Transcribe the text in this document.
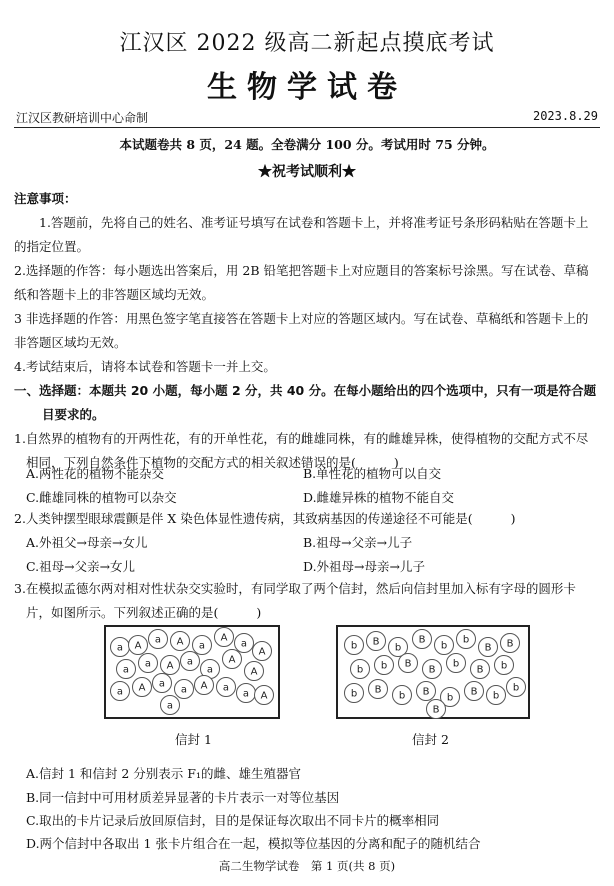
江汉区 2022 级高二新起点摸底考试
生物学试卷
江汉区教研培训中心命制	2023.8.29
本试题卷共 8 页，24 题。全卷满分 100 分。考试用时 75 分钟。
★祝考试顺利★
注意事项：
1.答题前，先将自己的姓名、准考证号填写在试卷和答题卡上，并将准考证号条形码粘贴在答题卡上的指定位置。
2.选择题的作答：每小题选出答案后，用 2B 铅笔把答题卡上对应题目的答案标号涂黑。写在试卷、草稿纸和答题卡上的非答题区域均无效。
3 非选择题的作答：用黑色签字笔直接答在答题卡上对应的答题区域内。写在试卷、草稿纸和答题卡上的非答题区域均无效。
4.考试结束后，请将本试卷和答题卡一并上交。
一、选择题：本题共 20 小题，每小题 2 分，共 40 分。在每小题给出的四个选项中，只有一项是符合题目要求的。
1.自然界的植物有的开两性花，有的开单性花，有的雌雄同株，有的雌雄异株，使得植物的交配方式不尽相同，下列自然条件下植物的交配方式的相关叙述错误的是(	)
A.两性花的植物不能杂交	B.单性花的植物可以自交
C.雌雄同株的植物可以杂交	D.雌雄异株的植物不能自交
2.人类钟摆型眼球震颤是伴 X 染色体显性遗传病，其致病基因的传递途径不可能是(	)
A.外祖父→母亲→女儿	B.祖母→父亲→儿子
C.祖母→父亲→女儿	D.外祖母→母亲→儿子
3.在模拟孟德尔两对相对性状杂交实验时，有同学取了两个信封，然后向信封里加入标有字母的圆形卡片，如图所示。下列叙述正确的是(	)
a A
a A a
A
a
A
a
a A a
a
A
A
a A a
a A a
a A
a
b B
b
B
b
b
B B
b b B
B
b
B b
b B
b B
b
B b
b
B
信封 1	信封 2
A.信封 1 和信封 2 分别表示 F₁的雌、雄生殖器官
B.同一信封中可用材质差异显著的卡片表示一对等位基因
C.取出的卡片记录后放回原信封，目的是保证每次取出不同卡片的概率相同
D.两个信封中各取出 1 张卡片组合在一起，模拟等位基因的分离和配子的随机结合
高二生物学试卷　第 1 页(共 8 页)
